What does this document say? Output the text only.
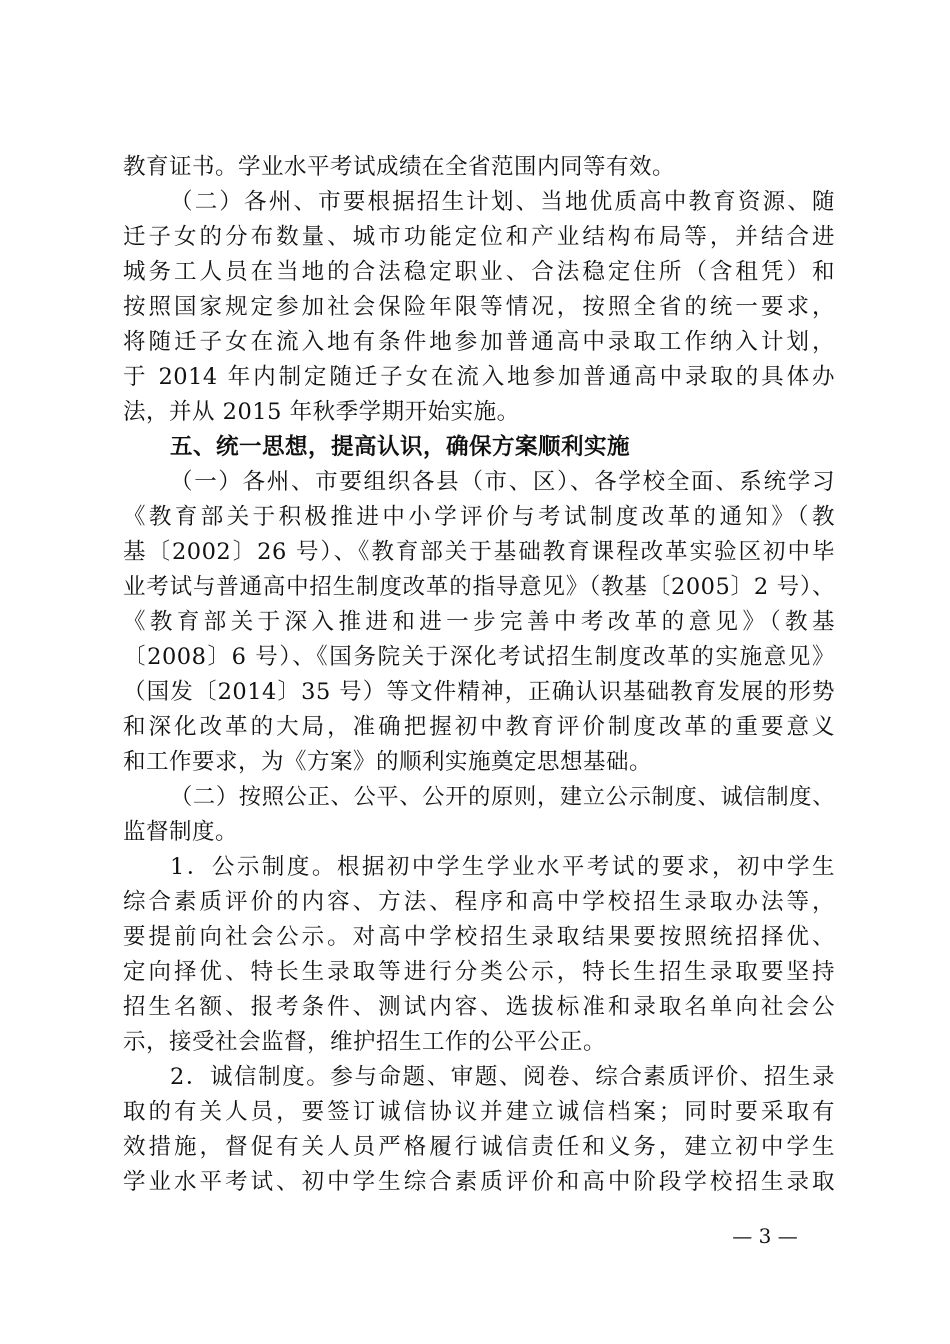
教育证书。学业水平考试成绩在全省范围内同等有效。
（二）各州、市要根据招生计划、当地优质高中教育资源、随
迁子女的分布数量、城市功能定位和产业结构布局等，并结合进
城务工人员在当地的合法稳定职业、合法稳定住所（含租凭）和
按照国家规定参加社会保险年限等情况，按照全省的统一要求，
将随迁子女在流入地有条件地参加普通高中录取工作纳入计划，
于 2014 年内制定随迁子女在流入地参加普通高中录取的具体办
法，并从 2015 年秋季学期开始实施。
五、统一思想，提高认识，确保方案顺利实施
（一）各州、市要组织各县（市、区）、各学校全面、系统学习
《教育部关于积极推进中小学评价与考试制度改革的通知》（教
基〔2002〕26 号）、《教育部关于基础教育课程改革实验区初中毕
业考试与普通高中招生制度改革的指导意见》（教基〔2005〕2 号）、
《教育部关于深入推进和进一步完善中考改革的意见》（教基
〔2008〕6 号）、《国务院关于深化考试招生制度改革的实施意见》
（国发〔2014〕35 号）等文件精神，正确认识基础教育发展的形势
和深化改革的大局，准确把握初中教育评价制度改革的重要意义
和工作要求，为《方案》的顺利实施奠定思想基础。
（二）按照公正、公平、公开的原则，建立公示制度、诚信制度、
监督制度。
1．公示制度。根据初中学生学业水平考试的要求，初中学生
综合素质评价的内容、方法、程序和高中学校招生录取办法等，
要提前向社会公示。对高中学校招生录取结果要按照统招择优、
定向择优、特长生录取等进行分类公示，特长生招生录取要坚持
招生名额、报考条件、测试内容、选拔标准和录取名单向社会公
示，接受社会监督，维护招生工作的公平公正。
2．诚信制度。参与命题、审题、阅卷、综合素质评价、招生录
取的有关人员，要签订诚信协议并建立诚信档案；同时要采取有
效措施，督促有关人员严格履行诚信责任和义务，建立初中学生
学业水平考试、初中学生综合素质评价和高中阶段学校招生录取
— 3 —
